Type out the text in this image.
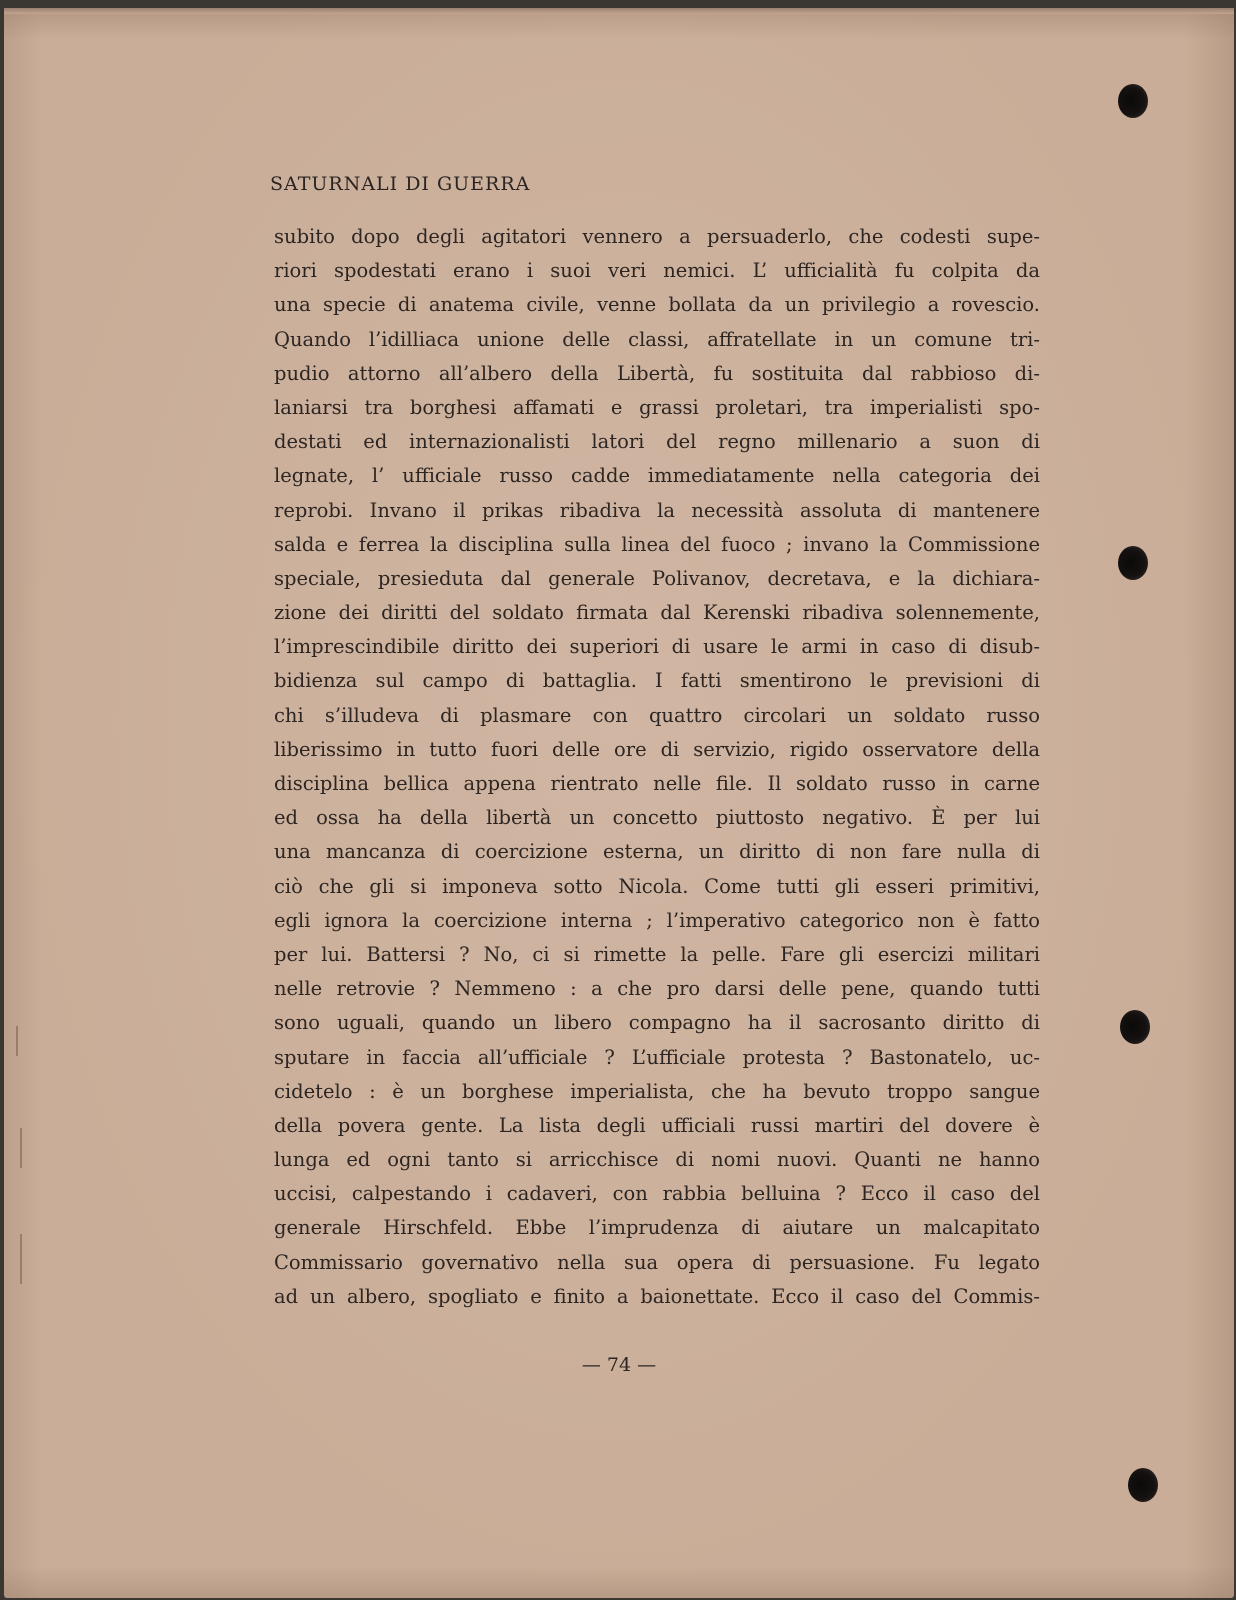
SATURNALI DI GUERRA
subito dopo degli agitatori vennero a persuaderlo, che codesti supe-
riori spodestati erano i suoi veri nemici. L’ ufficialità fu colpita da
una specie di anatema civile, venne bollata da un privilegio a rovescio.
Quando l’idilliaca unione delle classi, affratellate in un comune tri-
pudio attorno all’albero della Libertà, fu sostituita dal rabbioso di-
laniarsi tra borghesi affamati e grassi proletari, tra imperialisti spo-
destati ed internazionalisti latori del regno millenario a suon di
legnate, l’ ufficiale russo cadde immediatamente nella categoria dei
reprobi. Invano il prikas ribadiva la necessità assoluta di mantenere
salda e ferrea la disciplina sulla linea del fuoco ; invano la Commissione
speciale, presieduta dal generale Polivanov, decretava, e la dichiara-
zione dei diritti del soldato firmata dal Kerenski ribadiva solennemente,
l’imprescindibile diritto dei superiori di usare le armi in caso di disub-
bidienza sul campo di battaglia. I fatti smentirono le previsioni di
chi s’illudeva di plasmare con quattro circolari un soldato russo
liberissimo in tutto fuori delle ore di servizio, rigido osservatore della
disciplina bellica appena rientrato nelle file. Il soldato russo in carne
ed ossa ha della libertà un concetto piuttosto negativo. È per lui
una mancanza di coercizione esterna, un diritto di non fare nulla di
ciò che gli si imponeva sotto Nicola. Come tutti gli esseri primitivi,
egli ignora la coercizione interna ; l’imperativo categorico non è fatto
per lui. Battersi ? No, ci si rimette la pelle. Fare gli esercizi militari
nelle retrovie ? Nemmeno : a che pro darsi delle pene, quando tutti
sono uguali, quando un libero compagno ha il sacrosanto diritto di
sputare in faccia all’ufficiale ? L’ufficiale protesta ? Bastonatelo, uc-
cidetelo : è un borghese imperialista, che ha bevuto troppo sangue
della povera gente. La lista degli ufficiali russi martiri del dovere è
lunga ed ogni tanto si arricchisce di nomi nuovi. Quanti ne hanno
uccisi, calpestando i cadaveri, con rabbia belluina ? Ecco il caso del
generale Hirschfeld. Ebbe l’imprudenza di aiutare un malcapitato
Commissario governativo nella sua opera di persuasione. Fu legato
ad un albero, spogliato e finito a baionettate. Ecco il caso del Commis-
— 74 —
